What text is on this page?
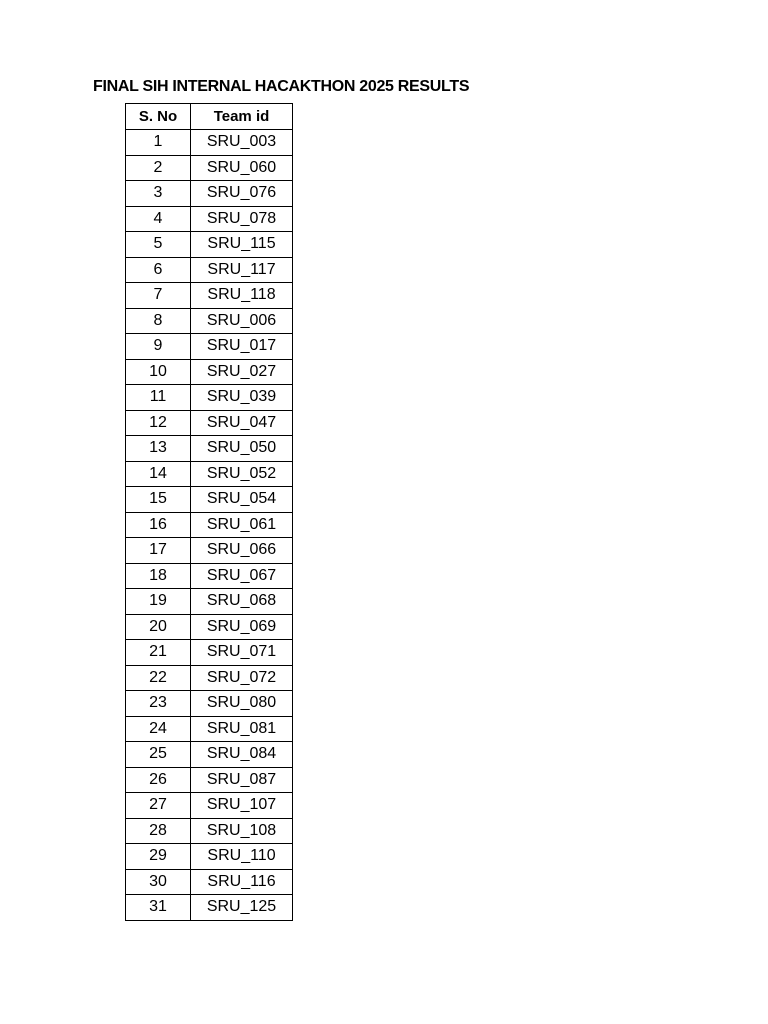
FINAL SIH INTERNAL HACAKTHON 2025 RESULTS
S. No	Team id
1	SRU_003
2	SRU_060
3	SRU_076
4	SRU_078
5	SRU_115
6	SRU_117
7	SRU_118
8	SRU_006
9	SRU_017
10	SRU_027
11	SRU_039
12	SRU_047
13	SRU_050
14	SRU_052
15	SRU_054
16	SRU_061
17	SRU_066
18	SRU_067
19	SRU_068
20	SRU_069
21	SRU_071
22	SRU_072
23	SRU_080
24	SRU_081
25	SRU_084
26	SRU_087
27	SRU_107
28	SRU_108
29	SRU_110
30	SRU_116
31	SRU_125
